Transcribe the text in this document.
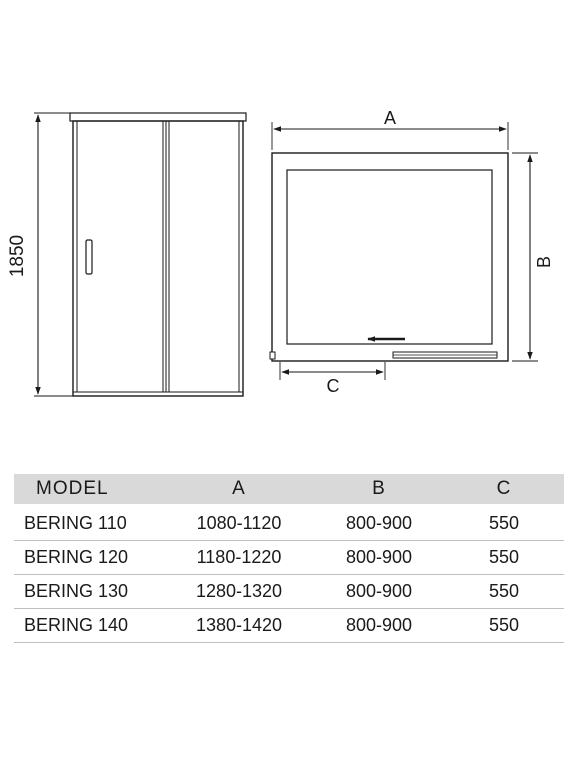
1850
A
B
C
MODEL	A	B	C
BERING 110	1080-1120	800-900	550
BERING 120	1180-1220	800-900	550
BERING 130	1280-1320	800-900	550
BERING 140	1380-1420	800-900	550
